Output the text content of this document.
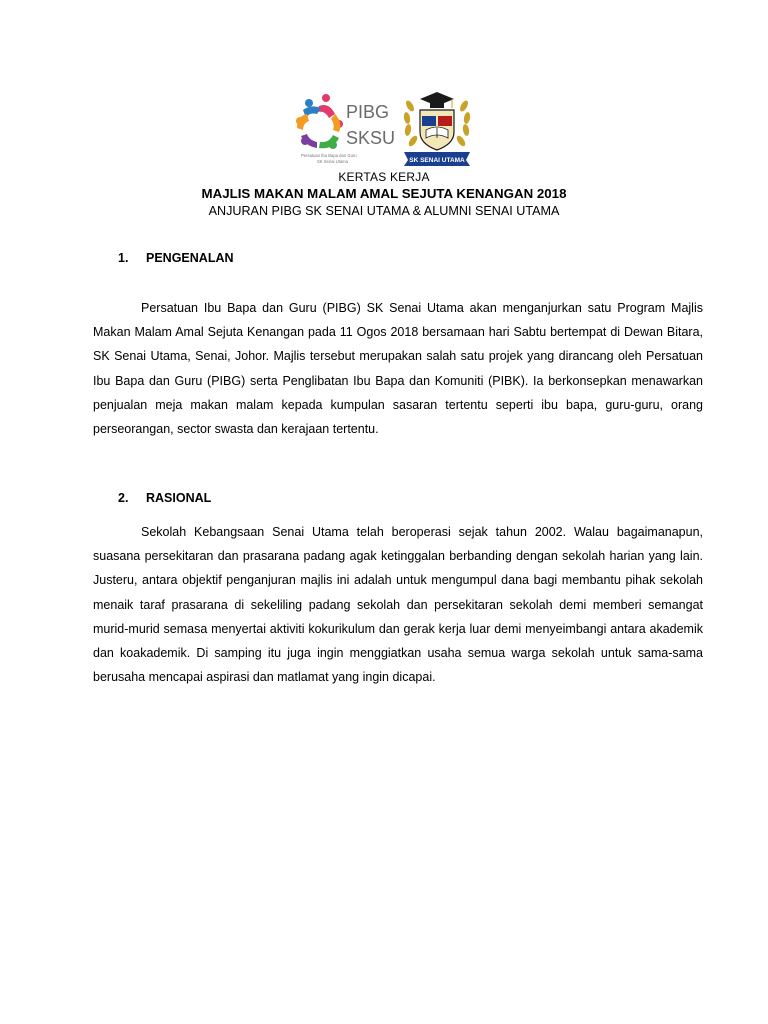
PIBG
SKSU
Persatuan Ibu Bapa dan Guru
SK Senai Utama	SK SENAI UTAMA
KERTAS KERJA
MAJLIS MAKAN MALAM AMAL SEJUTA KENANGAN 2018
ANJURAN PIBG SK SENAI UTAMA & ALUMNI SENAI UTAMA
1. PENGENALAN

Persatuan Ibu Bapa dan Guru (PIBG) SK Senai Utama akan menganjurkan satu Program Majlis Makan Malam Amal Sejuta Kenangan pada 11 Ogos 2018 bersamaan hari Sabtu bertempat di Dewan Bitara, SK Senai Utama, Senai, Johor. Majlis tersebut merupakan salah satu projek yang dirancang oleh Persatuan Ibu Bapa dan Guru (PIBG) serta Penglibatan Ibu Bapa dan Komuniti (PIBK). Ia berkonsepkan menawarkan penjualan meja makan malam kepada kumpulan sasaran tertentu seperti ibu bapa, guru-guru, orang perseorangan, sector swasta dan kerajaan tertentu.

2. RASIONAL

Sekolah Kebangsaan Senai Utama telah beroperasi sejak tahun 2002. Walau bagaimanapun, suasana persekitaran dan prasarana padang agak ketinggalan berbanding dengan sekolah harian yang lain. Justeru, antara objektif penganjuran majlis ini adalah untuk mengumpul dana bagi membantu pihak sekolah menaik taraf prasarana di sekeliling padang sekolah dan persekitaran sekolah demi memberi semangat murid-murid semasa menyertai aktiviti kokurikulum dan gerak kerja luar demi menyeimbangi antara akademik dan koakademik. Di samping itu juga ingin menggiatkan usaha semua warga sekolah untuk sama-sama berusaha mencapai aspirasi dan matlamat yang ingin dicapai.
